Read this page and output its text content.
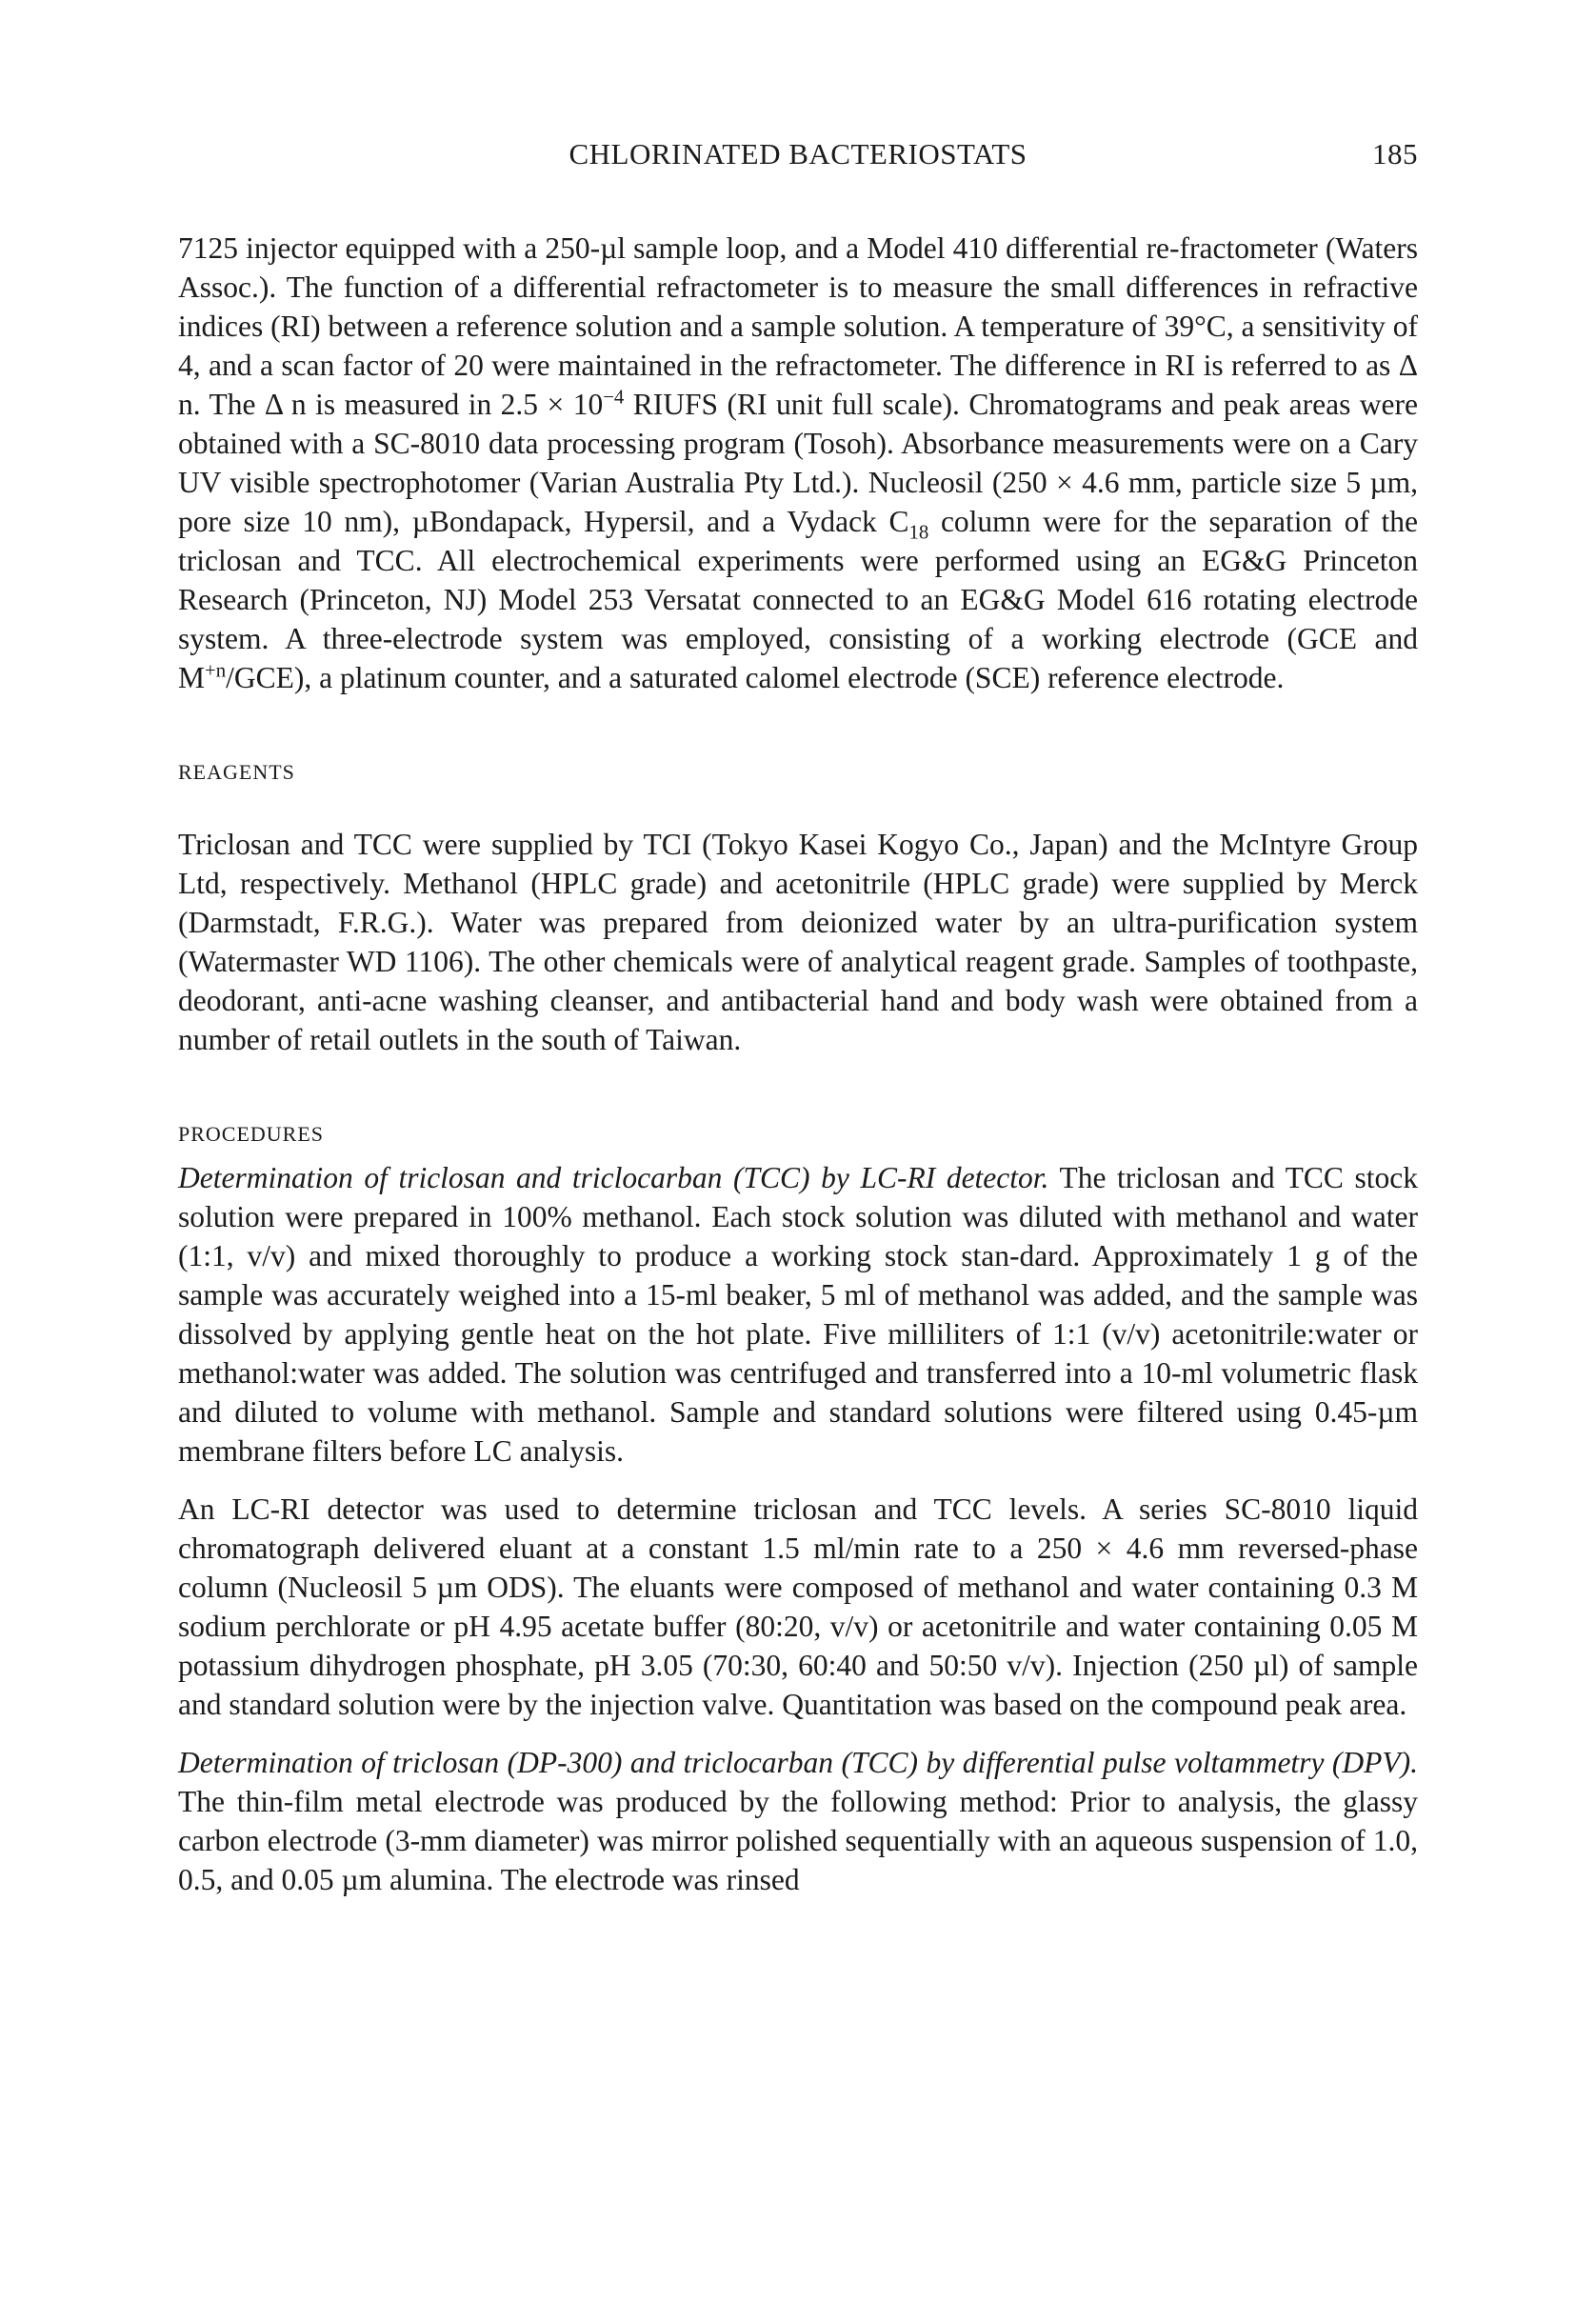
CHLORINATED BACTERIOSTATS	185

7125 injector equipped with a 250-µl sample loop, and a Model 410 differential re-fractometer (Waters Assoc.). The function of a differential refractometer is to measure the small differences in refractive indices (RI) between a reference solution and a sample solution. A temperature of 39°C, a sensitivity of 4, and a scan factor of 20 were maintained in the refractometer. The difference in RI is referred to as Δ n. The Δ n is measured in $2.5 \times 10^{-4}$ RIUFS (RI unit full scale). Chromatograms and peak areas were obtained with a SC-8010 data processing program (Tosoh). Absorbance measurements were on a Cary UV visible spectrophotomer (Varian Australia Pty Ltd.). Nucleosil (250 × 4.6 mm, particle size 5 µm, pore size 10 nm), µBondapack, Hypersil, and a Vydack $C_{18}$ column were for the separation of the triclosan and TCC. All electrochemical experiments were performed using an EG&G Princeton Research (Princeton, NJ) Model 253 Versatat connected to an EG&G Model 616 rotating electrode system. A three-electrode system was employed, consisting of a working electrode (GCE and $M^{+n}/GCE$), a platinum counter, and a saturated calomel electrode (SCE) reference electrode.

REAGENTS

Triclosan and TCC were supplied by TCI (Tokyo Kasei Kogyo Co., Japan) and the McIntyre Group Ltd, respectively. Methanol (HPLC grade) and acetonitrile (HPLC grade) were supplied by Merck (Darmstadt, F.R.G.). Water was prepared from deionized water by an ultra-purification system (Watermaster WD 1106). The other chemicals were of analytical reagent grade. Samples of toothpaste, deodorant, anti-acne washing cleanser, and antibacterial hand and body wash were obtained from a number of retail outlets in the south of Taiwan.

PROCEDURES

Determination of triclosan and triclocarban (TCC) by LC-RI detector. The triclosan and TCC stock solution were prepared in 100% methanol. Each stock solution was diluted with methanol and water (1:1, v/v) and mixed thoroughly to produce a working stock stan-dard. Approximately 1 g of the sample was accurately weighed into a 15-ml beaker, 5 ml of methanol was added, and the sample was dissolved by applying gentle heat on the hot plate. Five milliliters of 1:1 (v/v) acetonitrile:water or methanol:water was added. The solution was centrifuged and transferred into a 10-ml volumetric flask and diluted to volume with methanol. Sample and standard solutions were filtered using 0.45-µm membrane filters before LC analysis.

An LC-RI detector was used to determine triclosan and TCC levels. A series SC-8010 liquid chromatograph delivered eluant at a constant 1.5 ml/min rate to a 250 × 4.6 mm reversed-phase column (Nucleosil 5 µm ODS). The eluants were composed of methanol and water containing 0.3 M sodium perchlorate or pH 4.95 acetate buffer (80:20, v/v) or acetonitrile and water containing 0.05 M potassium dihydrogen phosphate, pH 3.05 (70:30, 60:40 and 50:50 v/v). Injection (250 µl) of sample and standard solution were by the injection valve. Quantitation was based on the compound peak area.

Determination of triclosan (DP-300) and triclocarban (TCC) by differential pulse voltammetry (DPV). The thin-film metal electrode was produced by the following method: Prior to analysis, the glassy carbon electrode (3-mm diameter) was mirror polished sequentially with an aqueous suspension of 1.0, 0.5, and 0.05 µm alumina. The electrode was rinsed
